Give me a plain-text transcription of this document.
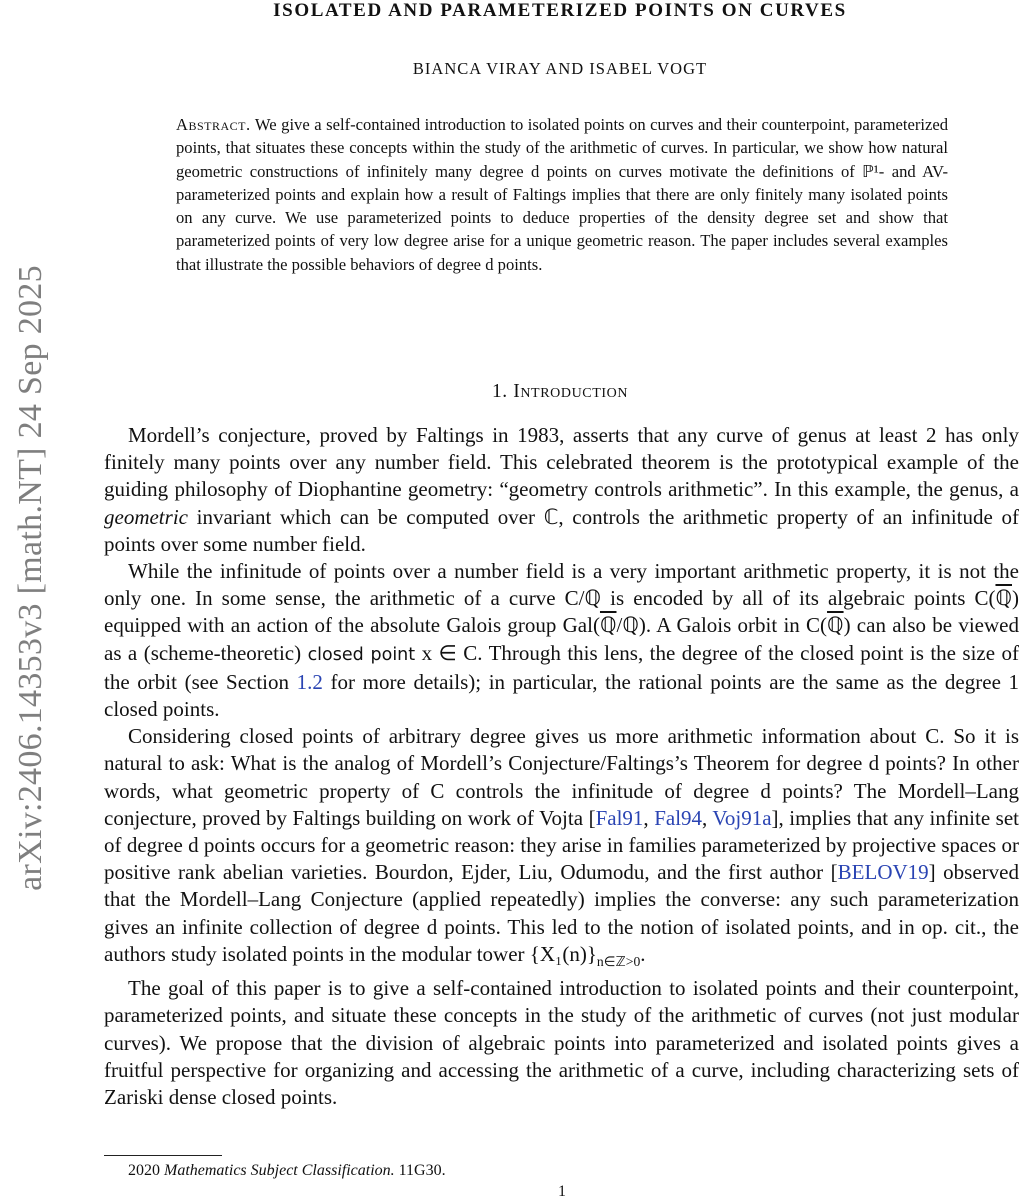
arXiv:2406.14353v3 [math.NT] 24 Sep 2025
ISOLATED AND PARAMETERIZED POINTS ON CURVES
BIANCA VIRAY AND ISABEL VOGT
Abstract. We give a self-contained introduction to isolated points on curves and their counterpoint, parameterized points, that situates these concepts within the study of the arithmetic of curves. In particular, we show how natural geometric constructions of infinitely many degree d points on curves motivate the definitions of ℙ¹- and AV-parameterized points and explain how a result of Faltings implies that there are only finitely many isolated points on any curve. We use parameterized points to deduce properties of the density degree set and show that parameterized points of very low degree arise for a unique geometric reason. The paper includes several examples that illustrate the possible behaviors of degree d points.
1. Introduction

Mordell’s conjecture, proved by Faltings in 1983, asserts that any curve of genus at least 2 has only finitely many points over any number field. This celebrated theorem is the prototypical example of the guiding philosophy of Diophantine geometry: “geometry controls arithmetic”. In this example, the genus, a geometric invariant which can be computed over ℂ, controls the arithmetic property of an infinitude of points over some number field.

While the infinitude of points over a number field is a very important arithmetic property, it is not the only one. In some sense, the arithmetic of a curve C/ℚ is encoded by all of its algebraic points C(ℚ) equipped with an action of the absolute Galois group Gal(ℚ/ℚ). A Galois orbit in C(ℚ) can also be viewed as a (scheme-theoretic) closed point x ∈ C. Through this lens, the degree of the closed point is the size of the orbit (see Section 1.2 for more details); in particular, the rational points are the same as the degree 1 closed points.

Considering closed points of arbitrary degree gives us more arithmetic information about C. So it is natural to ask: What is the analog of Mordell’s Conjecture/Faltings’s Theorem for degree d points? In other words, what geometric property of C controls the infinitude of degree d points? The Mordell–Lang conjecture, proved by Faltings building on work of Vojta [Fal91, Fal94, Voj91a], implies that any infinite set of degree d points occurs for a geometric reason: they arise in families parameterized by projective spaces or positive rank abelian varieties. Bourdon, Ejder, Liu, Odumodu, and the first author [BELOV19] observed that the Mordell–Lang Conjecture (applied repeatedly) implies the converse: any such parameterization gives an infinite collection of degree d points. This led to the notion of isolated points, and in op. cit., the authors study isolated points in the modular tower $\{X_1(n)\}_{n\in ℤ>0}$.

The goal of this paper is to give a self-contained introduction to isolated points and their counterpoint, parameterized points, and situate these concepts in the study of the arithmetic of curves (not just modular curves). We propose that the division of algebraic points into parameterized and isolated points gives a fruitful perspective for organizing and accessing the arithmetic of a curve, including characterizing sets of Zariski dense closed points.

2020 Mathematics Subject Classification. 11G30.
1
